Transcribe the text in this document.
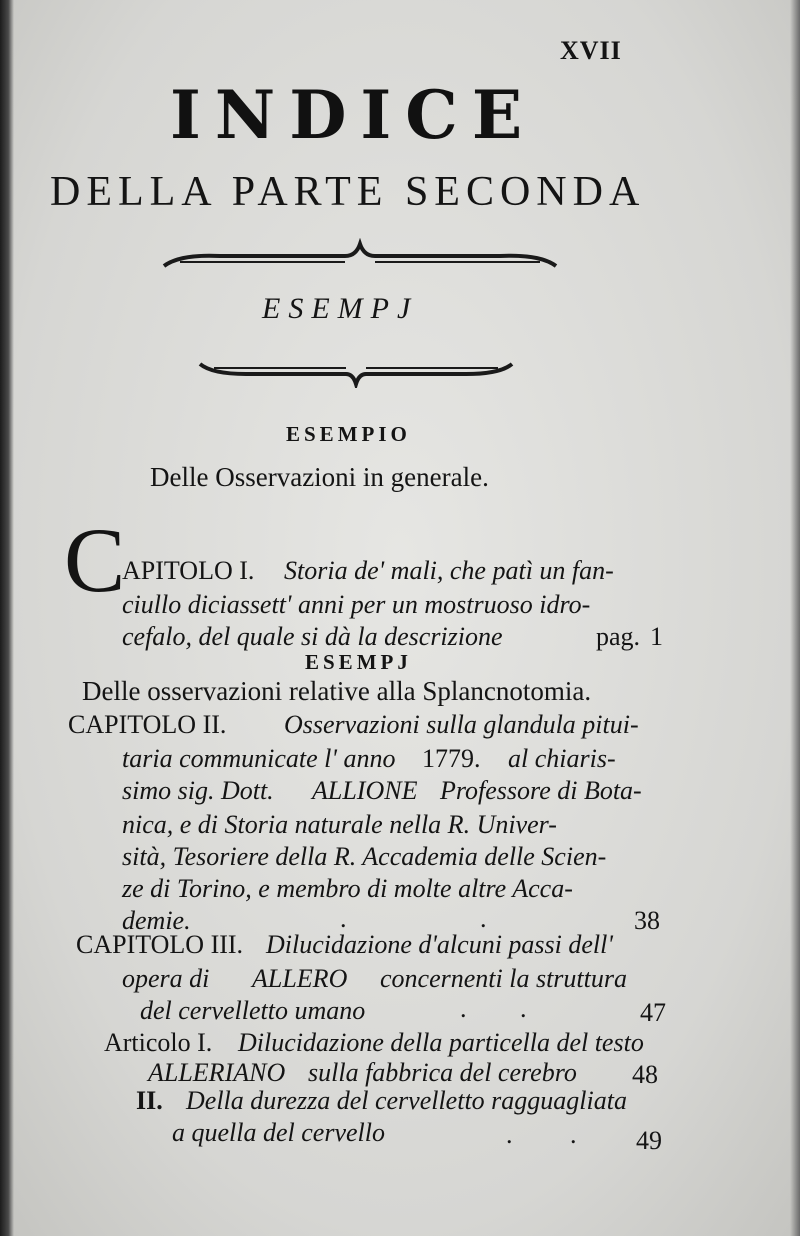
XVII
INDICE
DELLA PARTE SECONDA
ESEMPJ
ESEMPIO
Delle Osservazioni in generale.
C
APITOLO I. Storia de' mali, che patì un fan-
ciullo diciassett' anni per un mostruoso idro-
cefalo, del quale si dà la descrizione	pag. 1
ESEMPJ
Delle osservazioni relative alla Splancnotomia.
CAPITOLO II. Osservazioni sulla glandula pitui-
taria communicate l' anno 1779. al chiaris-
simo sig. Dott. ALLIONE Professore di Bota-
nica, e di Storia naturale nella R. Univer-
sità, Tesoriere della R. Accademia delle Scien-
ze di Torino, e membro di molte altre Acca-
demie.	.	.	38
CAPITOLO III. Dilucidazione d'alcuni passi dell'
opera di ALLERO concernenti la struttura
del cervelletto umano	. .	47
Articolo I. Dilucidazione della particella del testo
ALLERIANO sulla fabbrica del cerebro 48
II. Della durezza del cervelletto ragguagliata
a quella del cervello	. . 49
